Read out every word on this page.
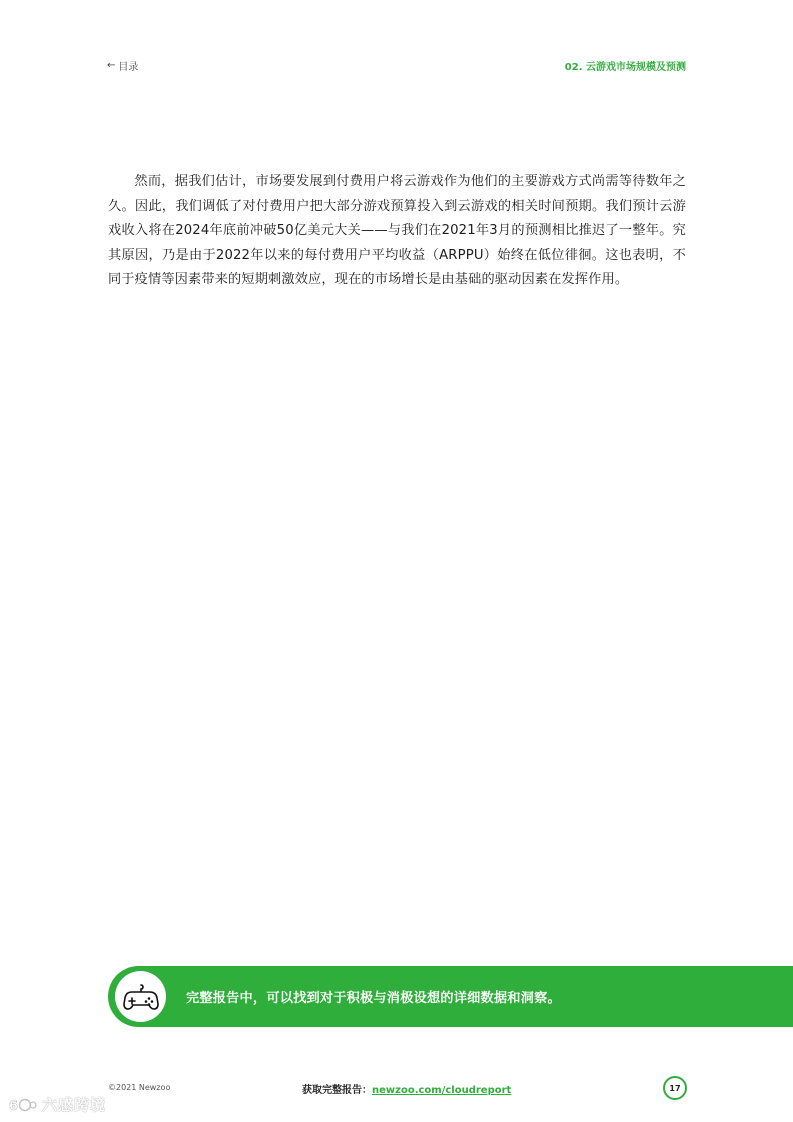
← 目录	02. 云游戏市场规模及预测

然而，据我们估计，市场要发展到付费用户将云游戏作为他们的主要游戏方式尚需等待数年之久。因此，我们调低了对付费用户把大部分游戏预算投入到云游戏的相关时间预期。我们预计云游戏收入将在2024年底前冲破50亿美元大关——与我们在2021年3月的预测相比推迟了一整年。究其原因，乃是由于2022年以来的每付费用户平均收益（ARPPU）始终在低位徘徊。这也表明，不同于疫情等因素带来的短期刺激效应，现在的市场增长是由基础的驱动因素在发挥作用。

完整报告中，可以找到对于积极与消极设想的详细数据和洞察。
©2021 Newzoo	获取完整报告：newzoo.com/cloudreport	17
6 六感跨境
